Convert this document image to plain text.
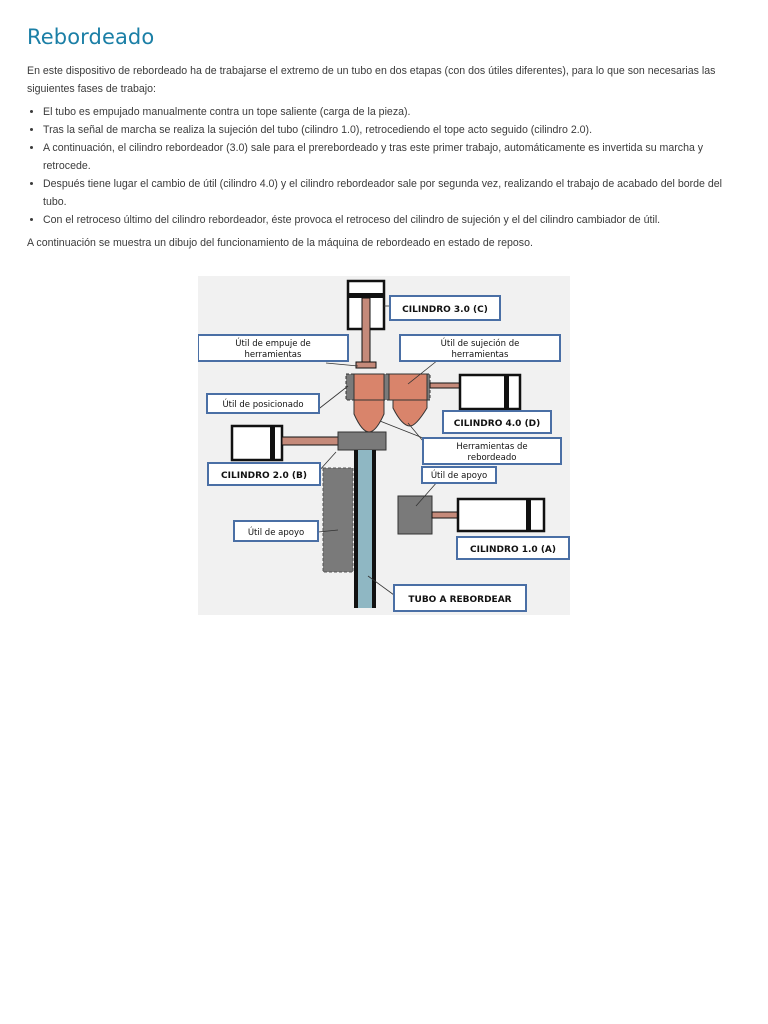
Rebordeado

En este dispositivo de rebordeado ha de trabajarse el extremo de un tubo en dos etapas (con dos útiles diferentes), para lo que son necesarias las siguientes fases de trabajo:

• El tubo es empujado manualmente contra un tope saliente (carga de la pieza).
• Tras la señal de marcha se realiza la sujeción del tubo (cilindro 1.0), retrocediendo el tope acto seguido (cilindro 2.0).
• A continuación, el cilindro rebordeador (3.0) sale para el prerebordeado y tras este primer trabajo, automáticamente es invertida su marcha y retrocede.
• Después tiene lugar el cambio de útil (cilindro 4.0) y el cilindro rebordeador sale por segunda vez, realizando el trabajo de acabado del borde del tubo.
• Con el retroceso último del cilindro rebordeador, éste provoca el retroceso del cilindro de sujeción y el del cilindro cambiador de útil.

A continuación se muestra un dibujo del funcionamiento de la máquina de rebordeado en estado de reposo.

CILINDRO 3.0 (C)
Útil de empuje de
herramientas
Útil de sujeción de
herramientas
Útil de posicionado
CILINDRO 4.0 (D)
Herramientas de
rebordeado
CILINDRO 2.0 (B)	Útil de apoyo
Útil de apoyo
CILINDRO 1.0 (A)
TUBO A REBORDEAR
